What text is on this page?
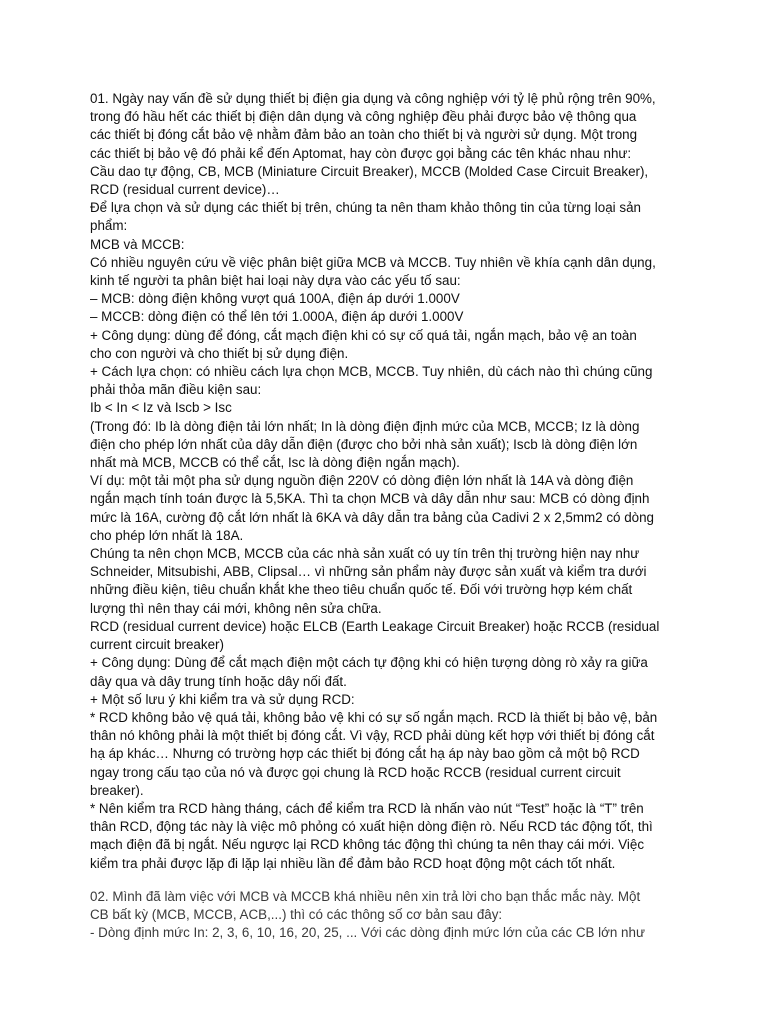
01. Ngày nay vấn đề sử dụng thiết bị điện gia dụng và công nghiệp với tỷ lệ phủ rộng trên 90%,
trong đó hầu hết các thiết bị điện dân dụng và công nghiệp đều phải được bảo vệ thông qua
các thiết bị đóng cắt bảo vệ nhằm đảm bảo an toàn cho thiết bị và người sử dụng. Một trong
các thiết bị bảo vệ đó phải kể đến Aptomat, hay còn được gọi bằng các tên khác nhau như:
Cầu dao tự động, CB, MCB (Miniature Circuit Breaker), MCCB (Molded Case Circuit Breaker),
RCD (residual current device)…
Để lựa chọn và sử dụng các thiết bị trên, chúng ta nên tham khảo thông tin của từng loại sản
phẩm:
MCB và MCCB:
Có nhiều nguyên cứu về việc phân biệt giữa MCB và MCCB. Tuy nhiên về khía cạnh dân dụng,
kinh tế người ta phân biệt hai loại này dựa vào các yếu tố sau:
– MCB: dòng điện không vượt quá 100A, điện áp dưới 1.000V
– MCCB: dòng điện có thể lên tới 1.000A, điện áp dưới 1.000V
+ Công dụng: dùng để đóng, cắt mạch điện khi có sự cố quá tải, ngắn mạch, bảo vệ an toàn
cho con người và cho thiết bị sử dụng điện.
+ Cách lựa chọn: có nhiều cách lựa chọn MCB, MCCB. Tuy nhiên, dù cách nào thì chúng cũng
phải thỏa mãn điều kiện sau:
Ib < In < Iz và Iscb > Isc
(Trong đó: Ib là dòng điện tải lớn nhất; In là dòng điện định mức của MCB, MCCB; Iz là dòng
điện cho phép lớn nhất của dây dẫn điện (được cho bởi nhà sản xuất); Iscb là dòng điện lớn
nhất mà MCB, MCCB có thể cắt, Isc là dòng điện ngắn mạch).
Ví dụ: một tải một pha sử dụng nguồn điện 220V có dòng điện lớn nhất là 14A và dòng điện
ngắn mạch tính toán được là 5,5KA. Thì ta chọn MCB và dây dẫn như sau: MCB có dòng định
mức là 16A, cường độ cắt lớn nhất là 6KA và dây dẫn tra bảng của Cadivi 2 x 2,5mm2 có dòng
cho phép lớn nhất là 18A.
Chúng ta nên chọn MCB, MCCB của các nhà sản xuất có uy tín trên thị trường hiện nay như
Schneider, Mitsubishi, ABB, Clipsal… vì những sản phẩm này được sản xuất và kiểm tra dưới
những điều kiện, tiêu chuẩn khắt khe theo tiêu chuẩn quốc tế. Đối với trường hợp kém chất
lượng thì nên thay cái mới, không nên sửa chữa.
RCD (residual current device) hoặc ELCB (Earth Leakage Circuit Breaker) hoặc RCCB (residual
current circuit breaker)
+ Công dụng: Dùng để cắt mạch điện một cách tự động khi có hiện tượng dòng rò xảy ra giữa
dây qua và dây trung tính hoặc dây nối đất.
+ Một số lưu ý khi kiểm tra và sử dụng RCD:
* RCD không bảo vệ quá tải, không bảo vệ khi có sự số ngắn mạch. RCD là thiết bị bảo vệ, bản
thân nó không phải là một thiết bị đóng cắt. Vì vậy, RCD phải dùng kết hợp với thiết bị đóng cắt
hạ áp khác… Nhưng có trường hợp các thiết bị đóng cắt hạ áp này bao gồm cả một bộ RCD
ngay trong cấu tạo của nó và được gọi chung là RCD hoặc RCCB (residual current circuit
breaker).
* Nên kiểm tra RCD hàng tháng, cách để kiểm tra RCD là nhấn vào nút “Test” hoặc là “T” trên
thân RCD, động tác này là việc mô phỏng có xuất hiện dòng điện rò. Nếu RCD tác động tốt, thì
mạch điện đã bị ngắt. Nếu ngược lại RCD không tác động thì chúng ta nên thay cái mới. Việc
kiểm tra phải được lặp đi lặp lại nhiều lần để đảm bảo RCD hoạt động một cách tốt nhất.
02. Mình đã làm việc với MCB và MCCB khá nhiều nên xin trả lời cho bạn thắc mắc này. Một
CB bất kỳ (MCB, MCCB, ACB,...) thì có các thông số cơ bản sau đây:
- Dòng định mức In: 2, 3, 6, 10, 16, 20, 25, ... Với các dòng định mức lớn của các CB lớn như
